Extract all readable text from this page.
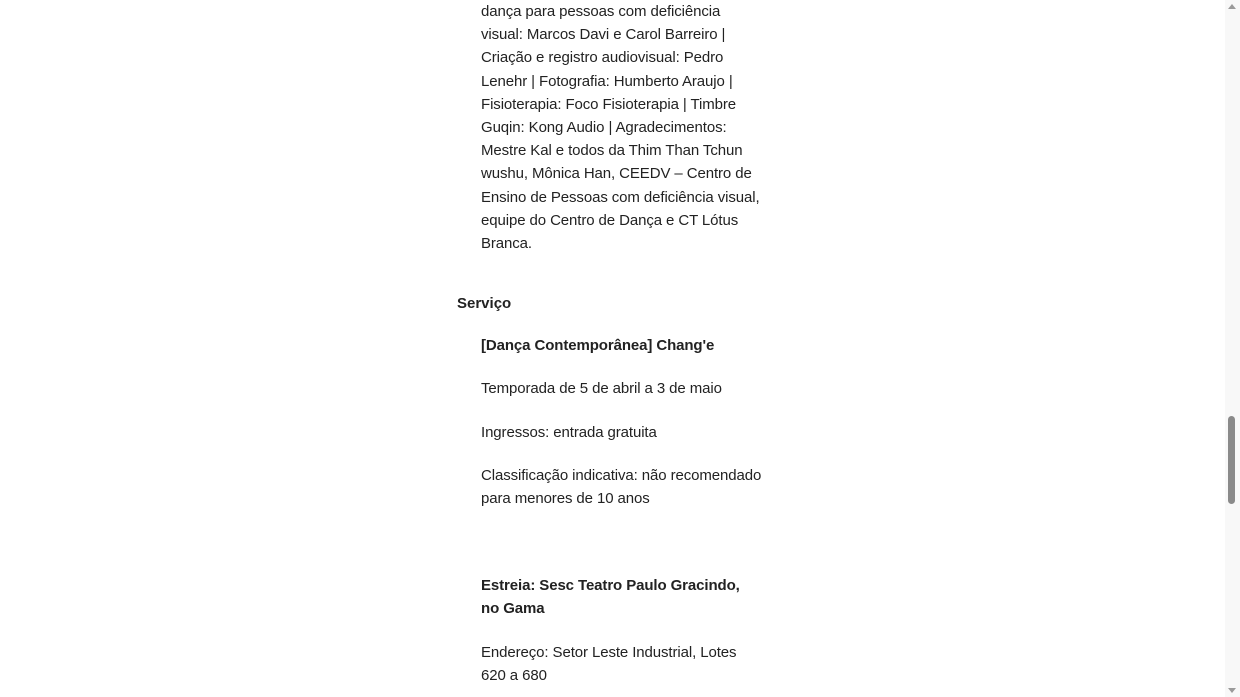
dança para pessoas com deficiência

visual: Marcos Davi e Carol Barreiro |

Criação e registro audiovisual: Pedro

Lenehr | Fotografia: Humberto Araujo |

Fisioterapia: Foco Fisioterapia | Timbre

Guqin: Kong Audio | Agradecimentos:

Mestre Kal e todos da Thim Than Tchun

wushu, Mônica Han, CEEDV – Centro de

Ensino de Pessoas com deficiência visual,

equipe do Centro de Dança e CT Lótus

Branca.

Serviço

[Dança Contemporânea] Chang'e

Temporada de 5 de abril a 3 de maio

Ingressos: entrada gratuita

Classificação indicativa: não recomendado

para menores de 10 anos

Estreia: Sesc Teatro Paulo Gracindo,

no Gama

Endereço: Setor Leste Industrial, Lotes

620 a 680
